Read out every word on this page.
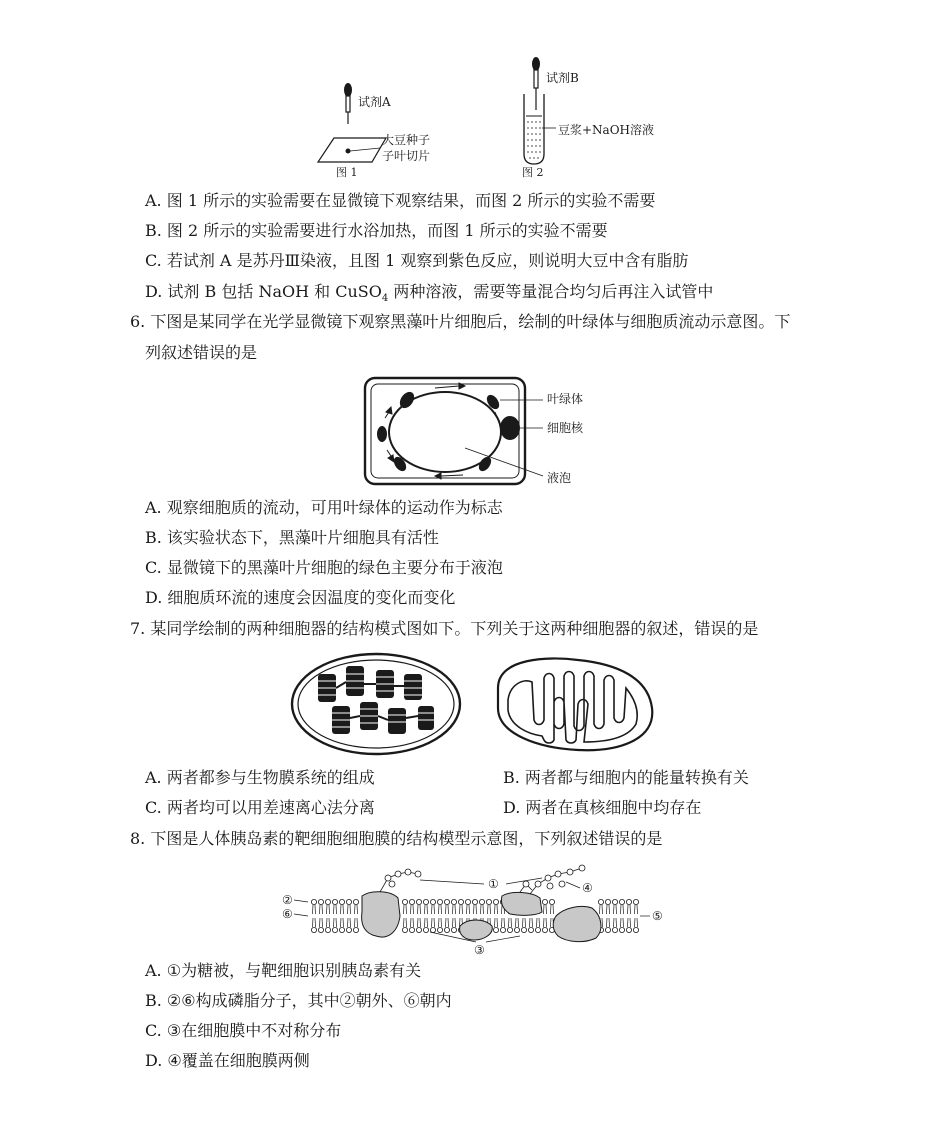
试剂A
大豆种子
子叶切片
图 1
试剂B
豆浆+NaOH溶液
图 2
A. 图 1 所示的实验需要在显微镜下观察结果，而图 2 所示的实验不需要
B. 图 2 所示的实验需要进行水浴加热，而图 1 所示的实验不需要
C. 若试剂 A 是苏丹Ⅲ染液，且图 1 观察到紫色反应，则说明大豆中含有脂肪
D. 试剂 B 包括 NaOH 和 CuSO$_4$ 两种溶液，需要等量混合均匀后再注入试管中
6. 下图是某同学在光学显微镜下观察黑藻叶片细胞后，绘制的叶绿体与细胞质流动示意图。下
列叙述错误的是
叶绿体
细胞核
液泡
A. 观察细胞质的流动，可用叶绿体的运动作为标志
B. 该实验状态下，黑藻叶片细胞具有活性
C. 显微镜下的黑藻叶片细胞的绿色主要分布于液泡
D. 细胞质环流的速度会因温度的变化而变化
7. 某同学绘制的两种细胞器的结构模式图如下。下列关于这两种细胞器的叙述，错误的是
A. 两者都参与生物膜系统的组成	B. 两者都与细胞内的能量转换有关
C. 两者均可以用差速离心法分离	D. 两者在真核细胞中均存在
8. 下图是人体胰岛素的靶细胞细胞膜的结构模型示意图，下列叙述错误的是
①	④
②
⑥
③
⑤
A. ①为糖被，与靶细胞识别胰岛素有关
B. ②⑥构成磷脂分子，其中②朝外、⑥朝内
C. ③在细胞膜中不对称分布
D. ④覆盖在细胞膜两侧
